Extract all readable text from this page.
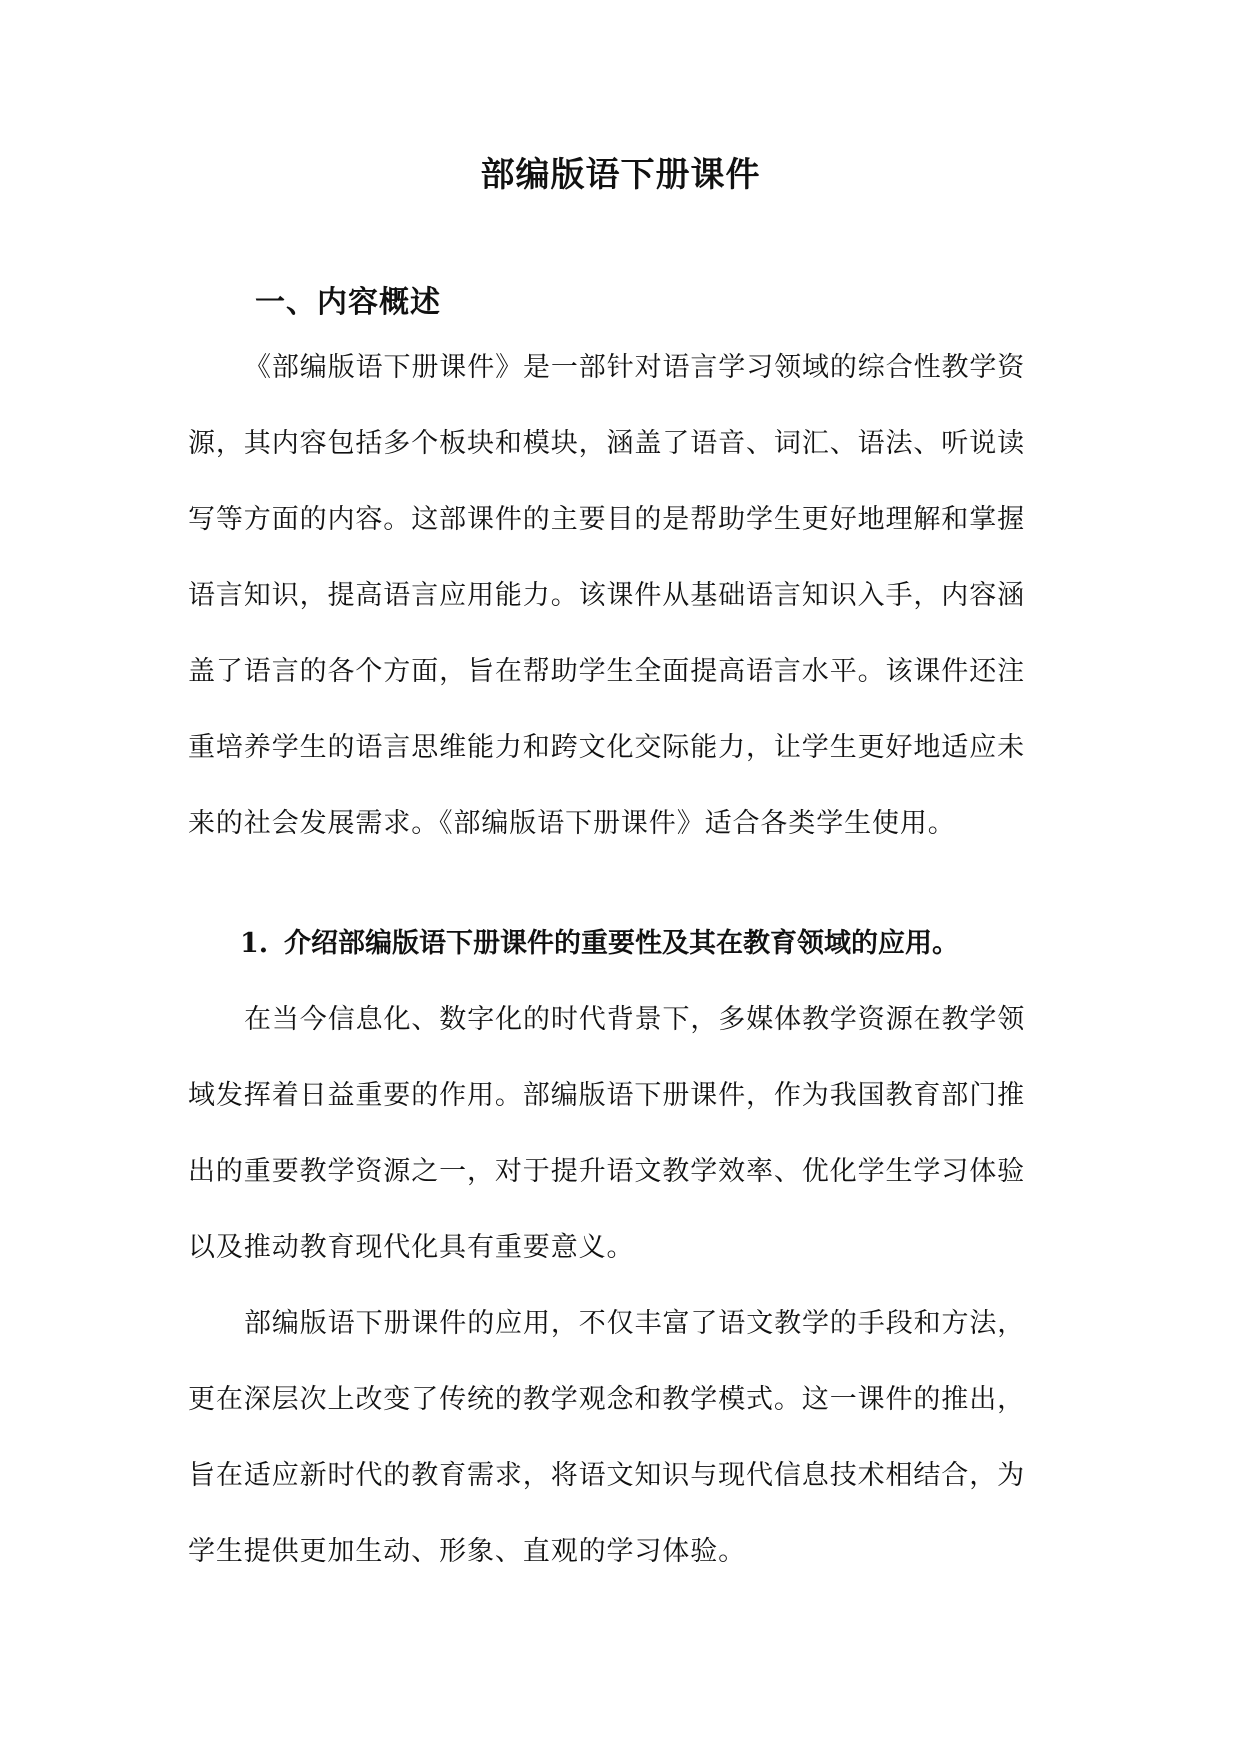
部编版语下册课件
一、内容概述
《部编版语下册课件》是一部针对语言学习领域的综合性教学资
源，其内容包括多个板块和模块，涵盖了语音、词汇、语法、听说读
写等方面的内容。这部课件的主要目的是帮助学生更好地理解和掌握
语言知识，提高语言应用能力。该课件从基础语言知识入手，内容涵
盖了语言的各个方面，旨在帮助学生全面提高语言水平。该课件还注
重培养学生的语言思维能力和跨文化交际能力，让学生更好地适应未
来的社会发展需求。《部编版语下册课件》适合各类学生使用。
1. 介绍部编版语下册课件的重要性及其在教育领域的应用。
在当今信息化、数字化的时代背景下，多媒体教学资源在教学领
域发挥着日益重要的作用。部编版语下册课件，作为我国教育部门推
出的重要教学资源之一，对于提升语文教学效率、优化学生学习体验
以及推动教育现代化具有重要意义。
部编版语下册课件的应用，不仅丰富了语文教学的手段和方法，
更在深层次上改变了传统的教学观念和教学模式。这一课件的推出，
旨在适应新时代的教育需求，将语文知识与现代信息技术相结合，为
学生提供更加生动、形象、直观的学习体验。
